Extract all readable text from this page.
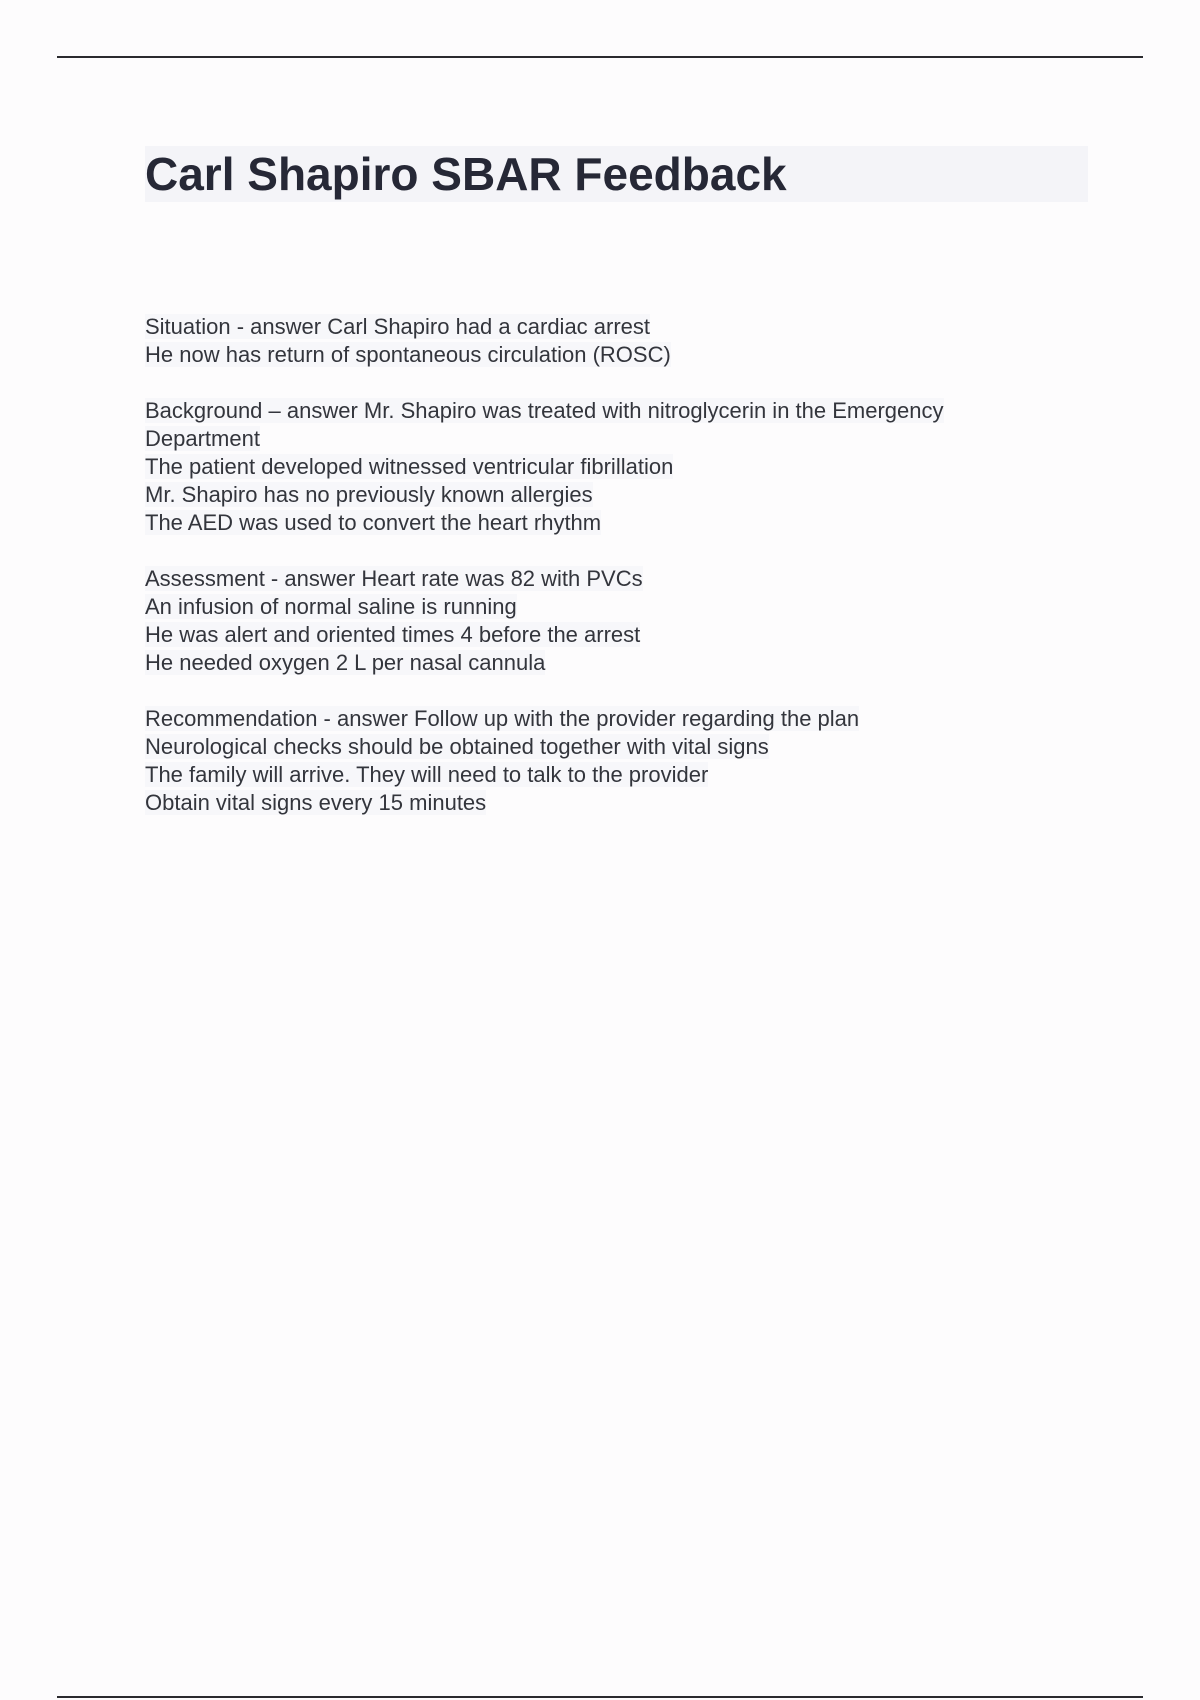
Carl Shapiro SBAR Feedback
Situation - answer Carl Shapiro had a cardiac arrest
He now has return of spontaneous circulation (ROSC)
Background – answer Mr. Shapiro was treated with nitroglycerin in the Emergency
Department
The patient developed witnessed ventricular fibrillation
Mr. Shapiro has no previously known allergies
The AED was used to convert the heart rhythm
Assessment - answer Heart rate was 82 with PVCs
An infusion of normal saline is running
He was alert and oriented times 4 before the arrest
He needed oxygen 2 L per nasal cannula
Recommendation - answer Follow up with the provider regarding the plan
Neurological checks should be obtained together with vital signs
The family will arrive. They will need to talk to the provider
Obtain vital signs every 15 minutes
